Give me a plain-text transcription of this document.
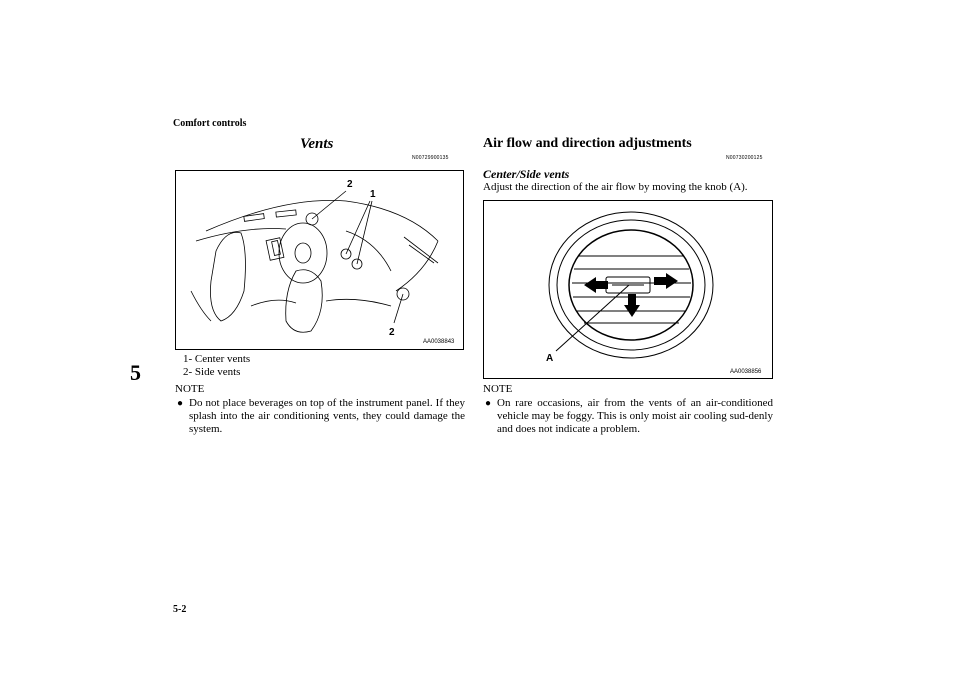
Comfort controls
5
5-2
Vents
N00729900135
2
1
2
AA0038843
1- Center vents
2- Side vents
NOTE
● Do not place beverages on top of the instrument panel. If they splash into the air conditioning vents, they could damage the system.
Air flow and direction adjustments
N00730200125
Center/Side vents
Adjust the direction of the air flow by moving the knob (A).
A
AA0038856
NOTE
● On rare occasions, air from the vents of an air-conditioned vehicle may be foggy. This is only moist air cooling sud-denly and does not indicate a problem.
